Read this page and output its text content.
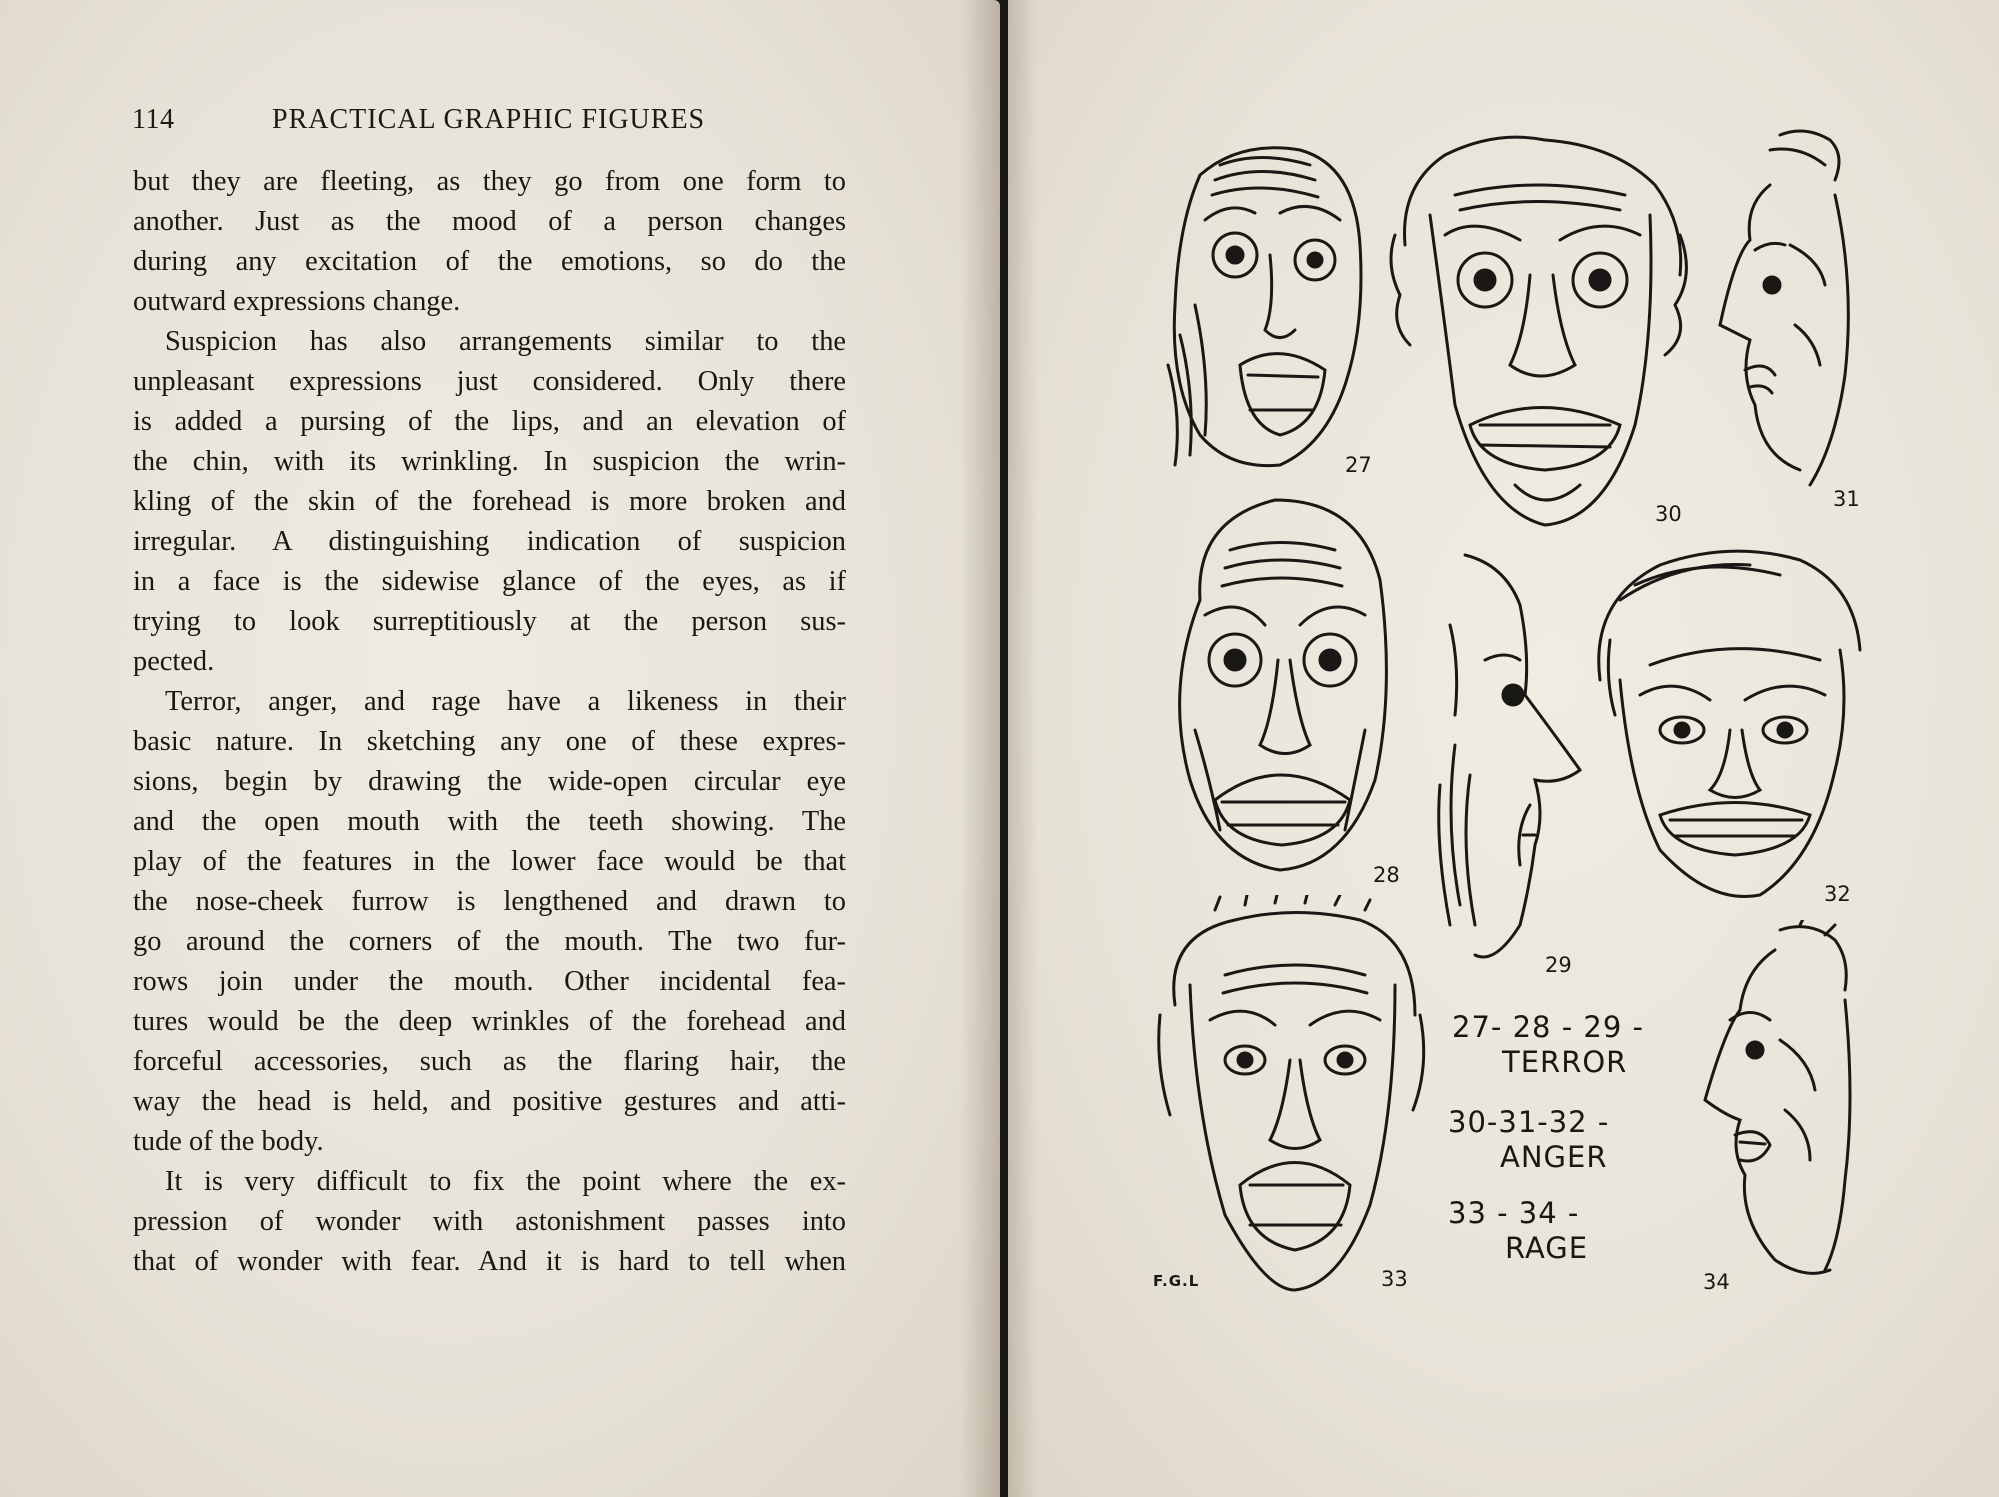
114	PRACTICAL GRAPHIC FIGURES
but they are fleeting, as they go from one form to
another. Just as the mood of a person changes
during any excitation of the emotions, so do the
outward expressions change.
Suspicion has also arrangements similar to the
unpleasant expressions just considered. Only there
is added a pursing of the lips, and an elevation of
the chin, with its wrinkling. In suspicion the wrin-
kling of the skin of the forehead is more broken and
irregular. A distinguishing indication of suspicion
in a face is the sidewise glance of the eyes, as if
trying to look surreptitiously at the person sus-
pected.
Terror, anger, and rage have a likeness in their
basic nature. In sketching any one of these expres-
sions, begin by drawing the wide-open circular eye
and the open mouth with the teeth showing. The
play of the features in the lower face would be that
the nose-cheek furrow is lengthened and drawn to
go around the corners of the mouth. The two fur-
rows join under the mouth. Other incidental fea-
tures would be the deep wrinkles of the forehead and
forceful accessories, such as the flaring hair, the
way the head is held, and positive gestures and atti-
tude of the body.
It is very difficult to fix the point where the ex-
pression of wonder with astonishment passes into
that of wonder with fear. And it is hard to tell when
27
30
31
28
29
32
F.G.L	33	34
27- 28 - 29 -
TERROR
30-31-32 -
ANGER
33 - 34 -
RAGE
